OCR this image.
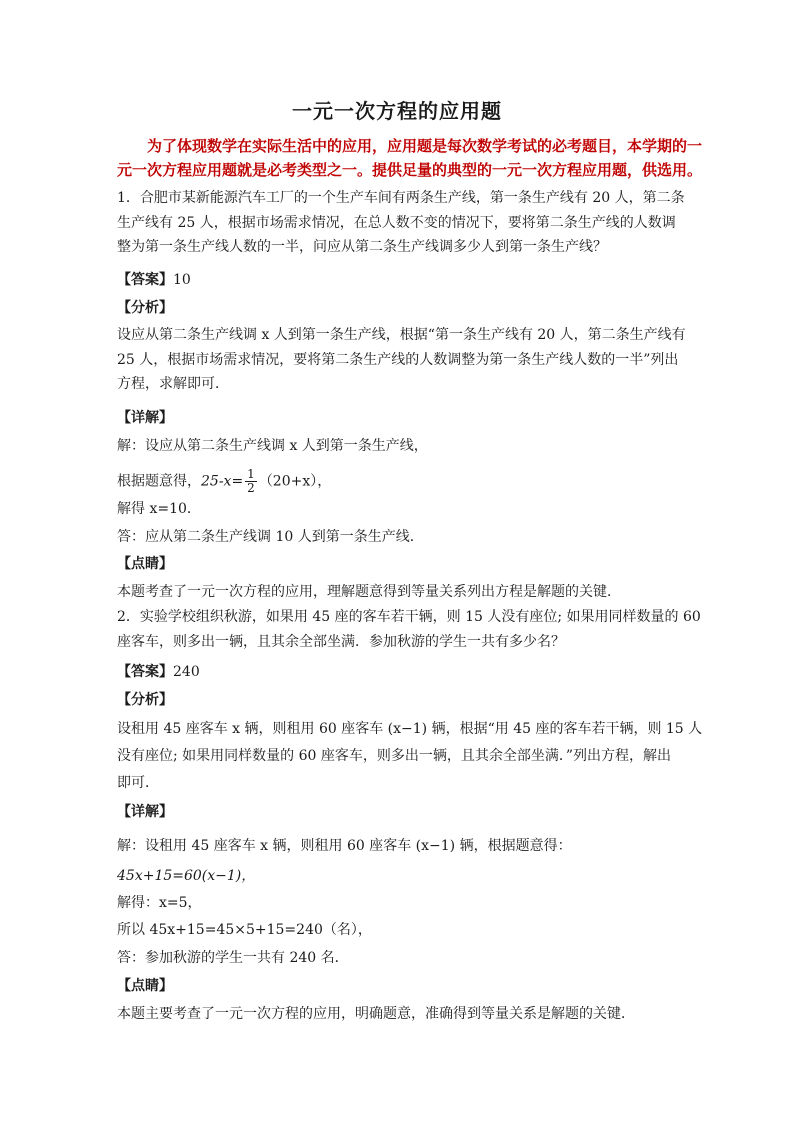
一元一次方程的应用题
为了体现数学在实际生活中的应用，应用题是每次数学考试的必考题目，本学期的一
元一次方程应用题就是必考类型之一。提供足量的典型的一元一次方程应用题，供选用。
1．合肥市某新能源汽车工厂的一个生产车间有两条生产线，第一条生产线有 20 人，第二条
生产线有 25 人，根据市场需求情况，在总人数不变的情况下，要将第二条生产线的人数调
整为第一条生产线人数的一半，问应从第二条生产线调多少人到第一条生产线？
【答案】10
【分析】
设应从第二条生产线调 x 人到第一条生产线，根据“第一条生产线有 20 人，第二条生产线有
25 人，根据市场需求情况，要将第二条生产线的人数调整为第一条生产线人数的一半”列出
方程，求解即可．
【详解】
解：设应从第二条生产线调 x 人到第一条生产线，
根据题意得，$25-x= \frac{1}{2} (20+x)$，
解得 x=10．
答：应从第二条生产线调 10 人到第一条生产线．
【点睛】
本题考查了一元一次方程的应用，理解题意得到等量关系列出方程是解题的关键．
2．实验学校组织秋游，如果用 45 座的客车若干辆，则 15 人没有座位; 如果用同样数量的 60
座客车，则多出一辆，且其余全部坐满．参加秋游的学生一共有多少名？
【答案】240
【分析】
设租用 45 座客车 x 辆，则租用 60 座客车 (x−1) 辆，根据“用 45 座的客车若干辆，则 15 人
没有座位; 如果用同样数量的 60 座客车，则多出一辆，且其余全部坐满．”列出方程，解出
即可．
【详解】
解：设租用 45 座客车 x 辆，则租用 60 座客车 (x−1) 辆，根据题意得：
45x+15=60(x−1)，
解得：x=5，
所以 45x+15=45×5+15=240（名），
答：参加秋游的学生一共有 240 名．
【点睛】
本题主要考查了一元一次方程的应用，明确题意，准确得到等量关系是解题的关键．
